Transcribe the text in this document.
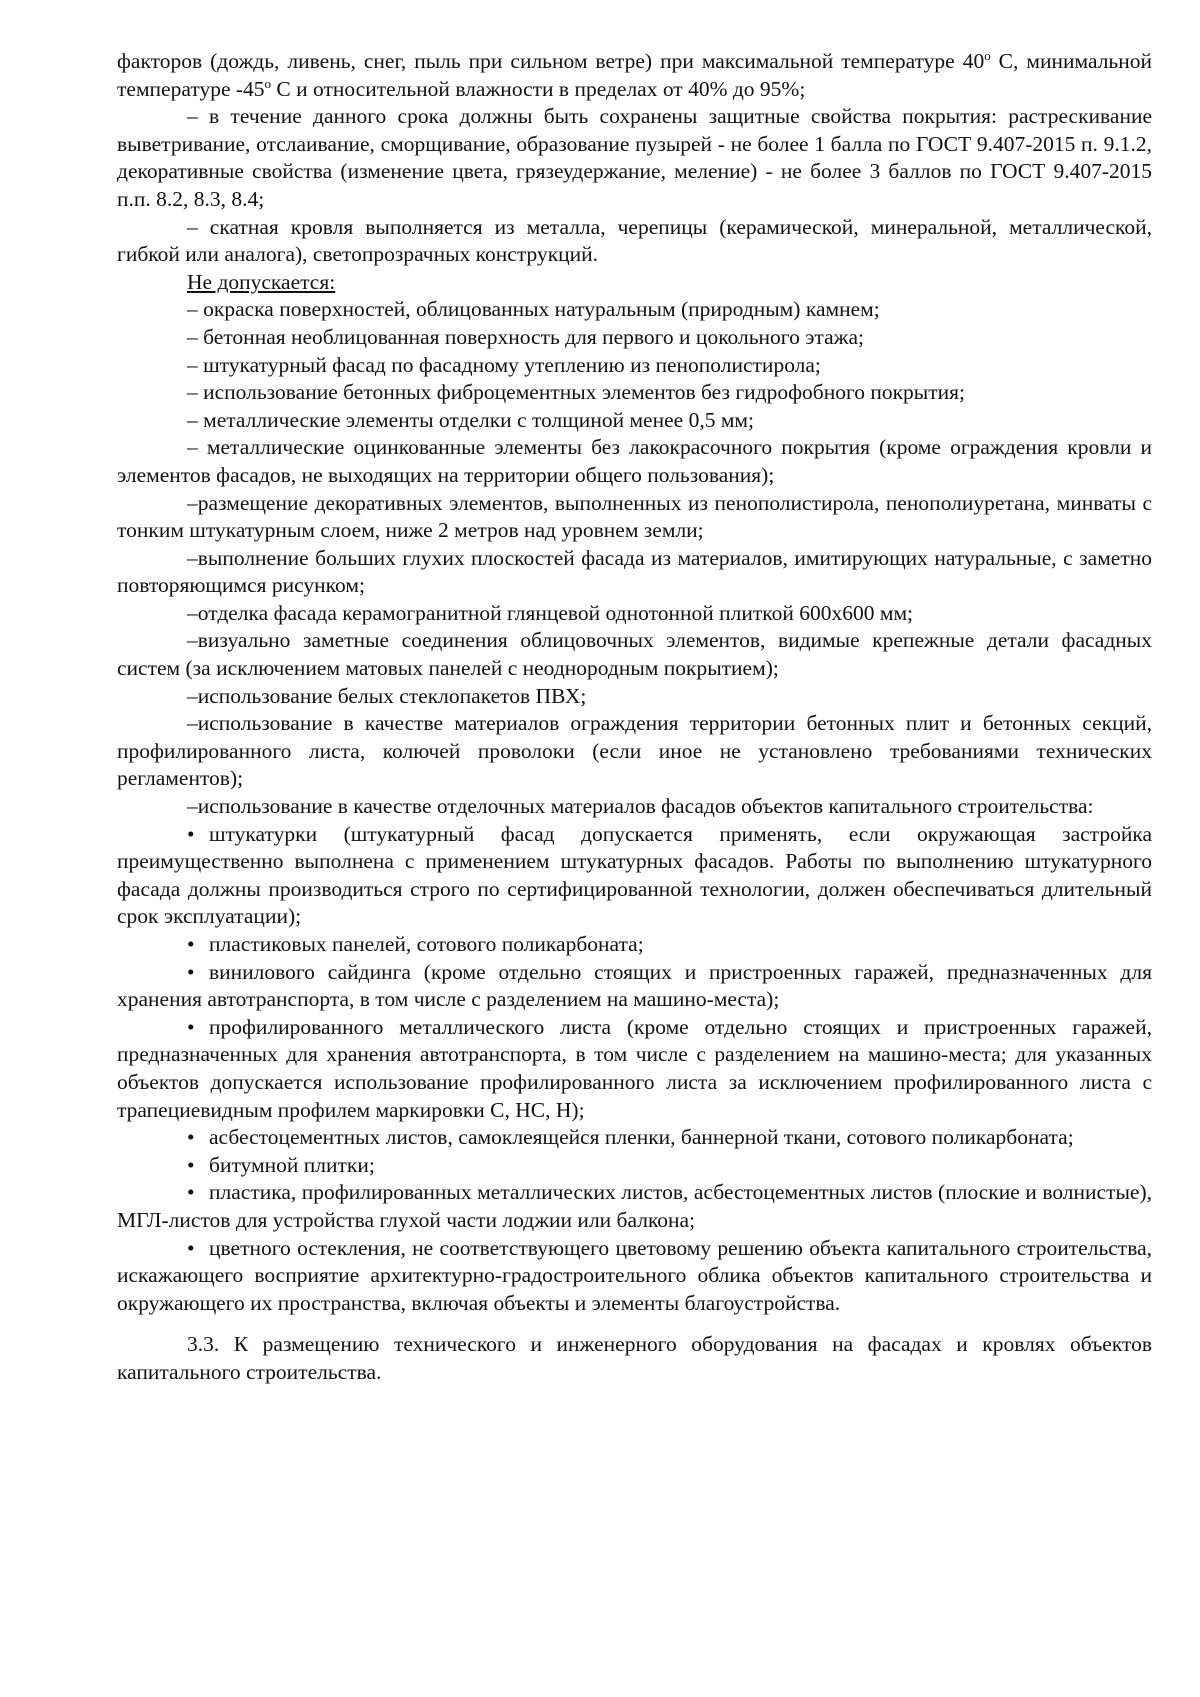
факторов (дождь, ливень, снег, пыль при сильном ветре) при максимальной температуре $40^о$ С, минимальной температуре $-45^о$ С и относительной влажности в пределах от 40% до 95%;

– в течение данного срока должны быть сохранены защитные свойства покрытия: растрескивание выветривание, отслаивание, сморщивание, образование пузырей - не более 1 балла по ГОСТ 9.407-2015 п. 9.1.2, декоративные свойства (изменение цвета, грязеудержание, меление) - не более 3 баллов по ГОСТ 9.407-2015 п.п. 8.2, 8.3, 8.4;

– скатная кровля выполняется из металла, черепицы (керамической, минеральной, металлической, гибкой или аналога), светопрозрачных конструкций.

Не допускается:

– окраска поверхностей, облицованных натуральным (природным) камнем;

– бетонная необлицованная поверхность для первого и цокольного этажа;

– штукатурный фасад по фасадному утеплению из пенополистирола;

– использование бетонных фиброцементных элементов без гидрофобного покрытия;

– металлические элементы отделки с толщиной менее 0,5 мм;

– металлические оцинкованные элементы без лакокрасочного покрытия (кроме ограждения кровли и элементов фасадов, не выходящих на территории общего пользования);

–размещение декоративных элементов, выполненных из пенополистирола, пенополиуретана, минваты с тонким штукатурным слоем, ниже 2 метров над уровнем земли;

–выполнение больших глухих плоскостей фасада из материалов, имитирующих натуральные, с заметно повторяющимся рисунком;

–отделка фасада керамогранитной глянцевой однотонной плиткой 600х600 мм;

–визуально заметные соединения облицовочных элементов, видимые крепежные детали фасадных систем (за исключением матовых панелей с неоднородным покрытием);

–использование белых стеклопакетов ПВХ;

–использование в качестве материалов ограждения территории бетонных плит и бетонных секций, профилированного листа, колючей проволоки (если иное не установлено требованиями технических регламентов);

–использование в качестве отделочных материалов фасадов объектов капитального строительства:

• штукатурки (штукатурный фасад допускается применять, если окружающая застройка преимущественно выполнена с применением штукатурных фасадов. Работы по выполнению штукатурного фасада должны производиться строго по сертифицированной технологии, должен обеспечиваться длительный срок эксплуатации);

• пластиковых панелей, сотового поликарбоната;

• винилового сайдинга (кроме отдельно стоящих и пристроенных гаражей, предназначенных для хранения автотранспорта, в том числе с разделением на машино-места);

• профилированного металлического листа (кроме отдельно стоящих и пристроенных гаражей, предназначенных для хранения автотранспорта, в том числе с разделением на машино-места; для указанных объектов допускается использование профилированного листа за исключением профилированного листа с трапециевидным профилем маркировки С, НС, Н);

• асбестоцементных листов, самоклеящейся пленки, баннерной ткани, сотового поликарбоната;

• битумной плитки;

• пластика, профилированных металлических листов, асбестоцементных листов (плоские и волнистые), МГЛ-листов для устройства глухой части лоджии или балкона;

• цветного остекления, не соответствующего цветовому решению объекта капитального строительства, искажающего восприятие архитектурно-градостроительного облика объектов капитального строительства и окружающего их пространства, включая объекты и элементы благоустройства.

3.3. К размещению технического и инженерного оборудования на фасадах и кровлях объектов капитального строительства.
